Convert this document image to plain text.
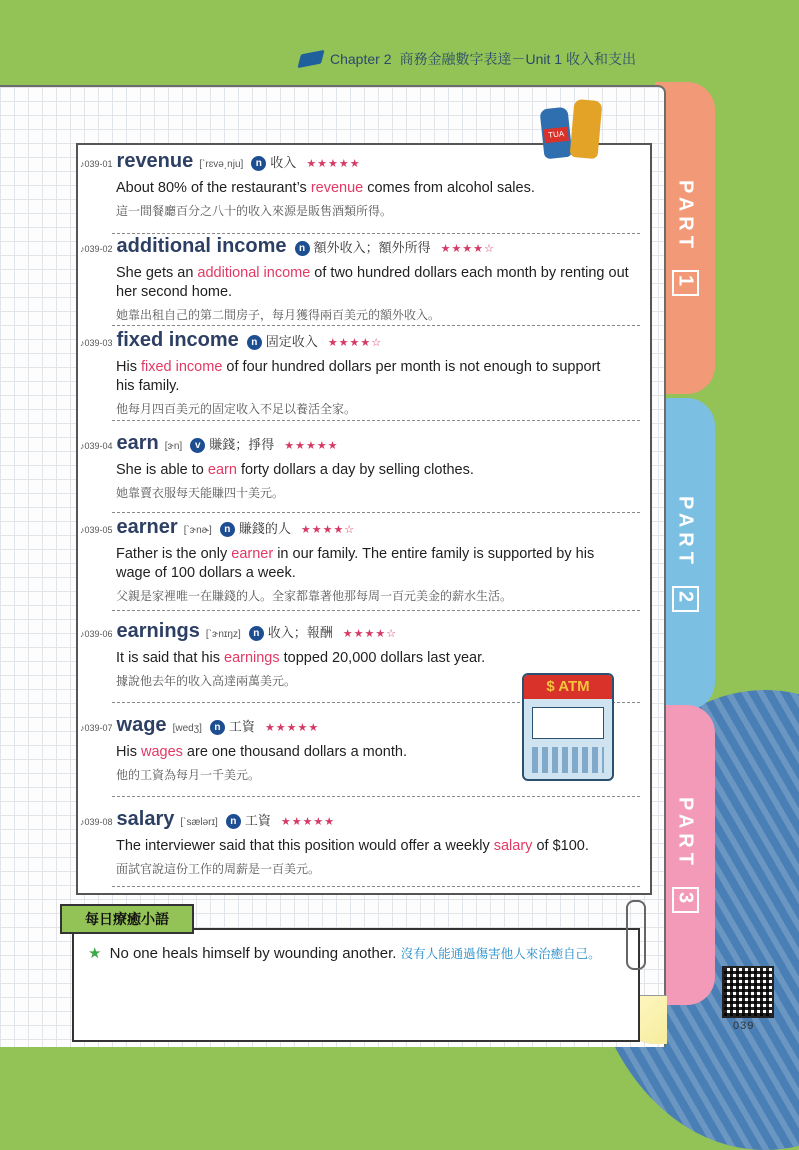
Chapter 2 商務金融數字表達－Unit 1 收入和支出
PART 1
PART 2
PART 3
TUA
♪039-01 revenue [ˋrɛvə͵nju]	n 收入 ★★★★★
About 80% of the restaurant’s revenue comes from alcohol sales.
這一間餐廳百分之八十的收入來源是販售酒類所得。
♪039-02 additional income	n 額外收入；額外所得 ★★★★☆
She gets an additional income of two hundred dollars each month by renting out her second home.
她靠出租自己的第二間房子，每月獲得兩百美元的額外收入。
♪039-03 fixed income	n 固定收入 ★★★★☆
His fixed income of four hundred dollars per month is not enough to support his family.
他每月四百美元的固定收入不足以養活全家。
♪039-04 earn [ɝn]	v 賺錢；掙得 ★★★★★
She is able to earn forty dollars a day by selling clothes.
她靠賣衣服每天能賺四十美元。
♪039-05 earner [ˋɝnɚ]	n 賺錢的人 ★★★★☆
Father is the only earner in our family. The entire family is supported by his wage of 100 dollars a week.
父親是家裡唯一在賺錢的人。全家都靠著他那每周一百元美金的薪水生活。
♪039-06 earnings [ˋɝnɪŋz]	n 收入；報酬 ★★★★☆
It is said that his earnings topped 20,000 dollars last year.
據說他去年的收入高達兩萬美元。
♪039-07 wage [wedʒ]	n 工資 ★★★★★
His wages are one thousand dollars a month.
他的工資為每月一千美元。
♪039-08 salary [ˋsælərɪ]	n 工資 ★★★★★
The interviewer said that this position would offer a weekly salary of $100.
面試官說這份工作的周薪是一百美元。
$ ATM
每日療癒小語
★ No one heals himself by wounding another. 沒有人能通過傷害他人來治癒自己。
039
